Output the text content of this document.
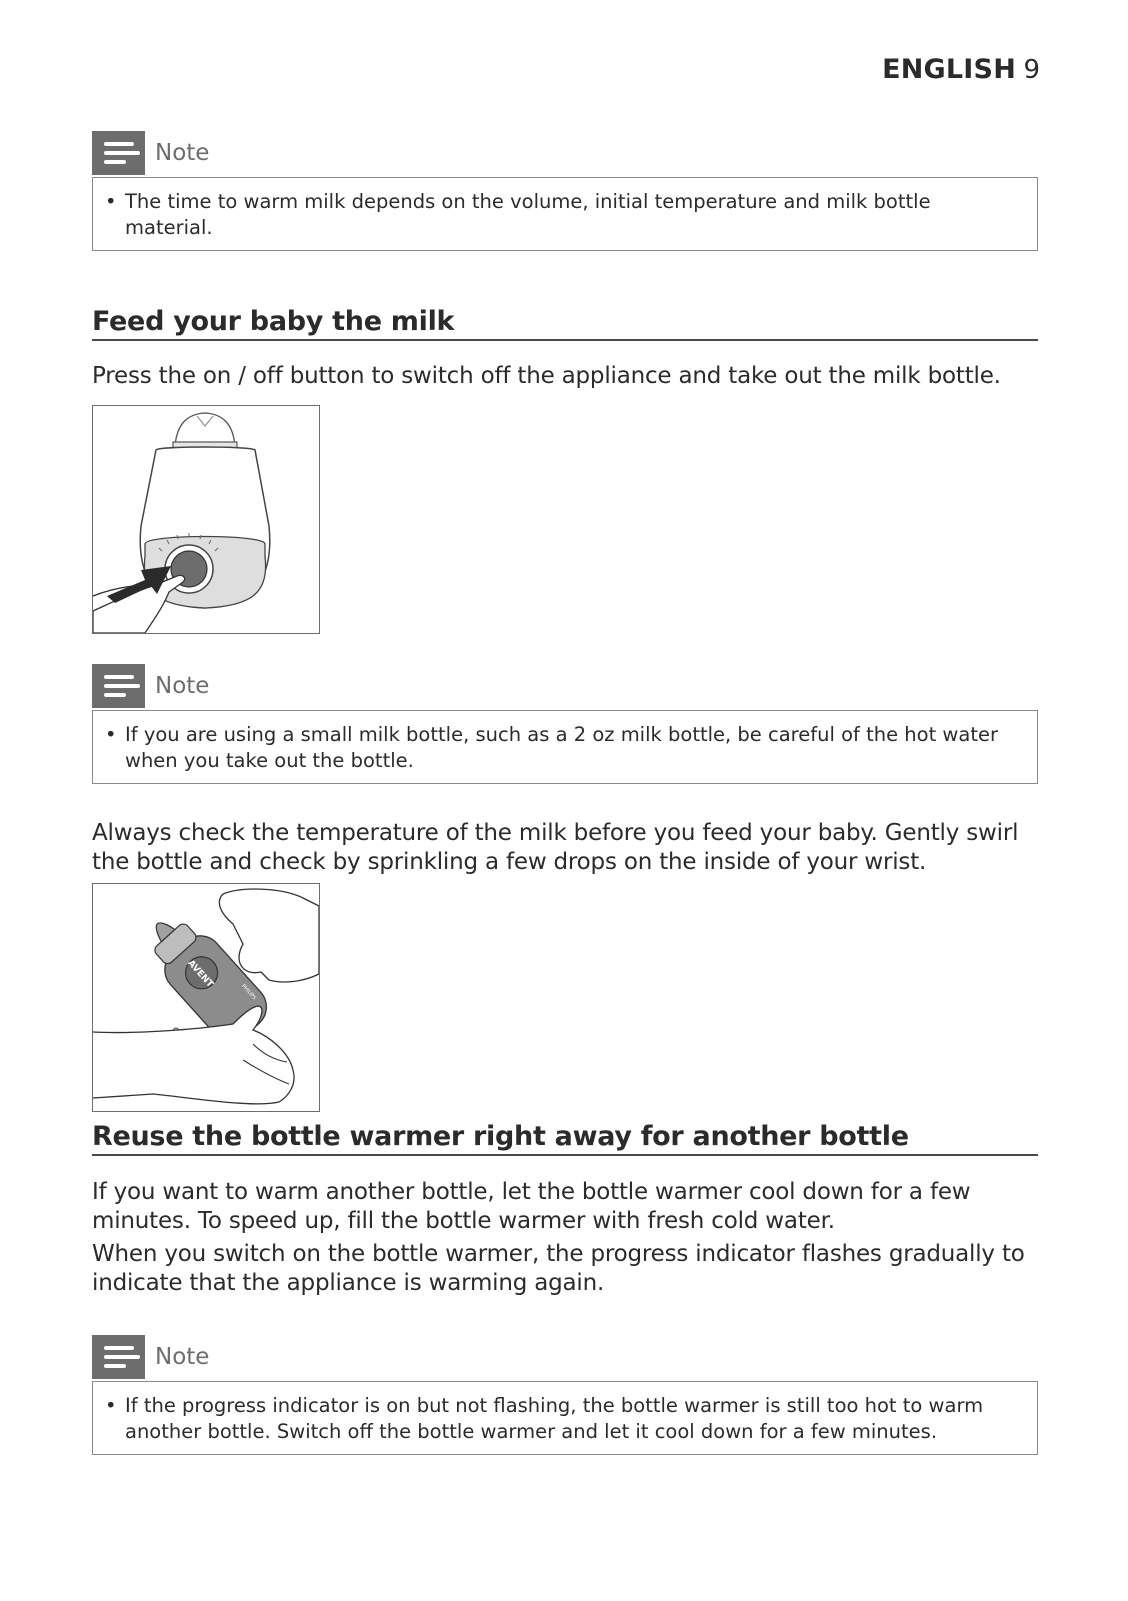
ENGLISH 9
Note
• The time to warm milk depends on the volume, initial temperature and milk bottle material.
Feed your baby the milk
Press the on / off button to switch off the appliance and take out the milk bottle.
Note
• If you are using a small milk bottle, such as a 2 oz milk bottle, be careful of the hot water when you take out the bottle.
Always check the temperature of the milk before you feed your baby. Gently swirl the bottle and check by sprinkling a few drops on the inside of your wrist.
AVENT
PHILIPS
Reuse the bottle warmer right away for another bottle
If you want to warm another bottle, let the bottle warmer cool down for a few minutes. To speed up, fill the bottle warmer with fresh cold water.
When you switch on the bottle warmer, the progress indicator flashes gradually to indicate that the appliance is warming again.
Note
• If the progress indicator is on but not flashing, the bottle warmer is still too hot to warm another bottle. Switch off the bottle warmer and let it cool down for a few minutes.
